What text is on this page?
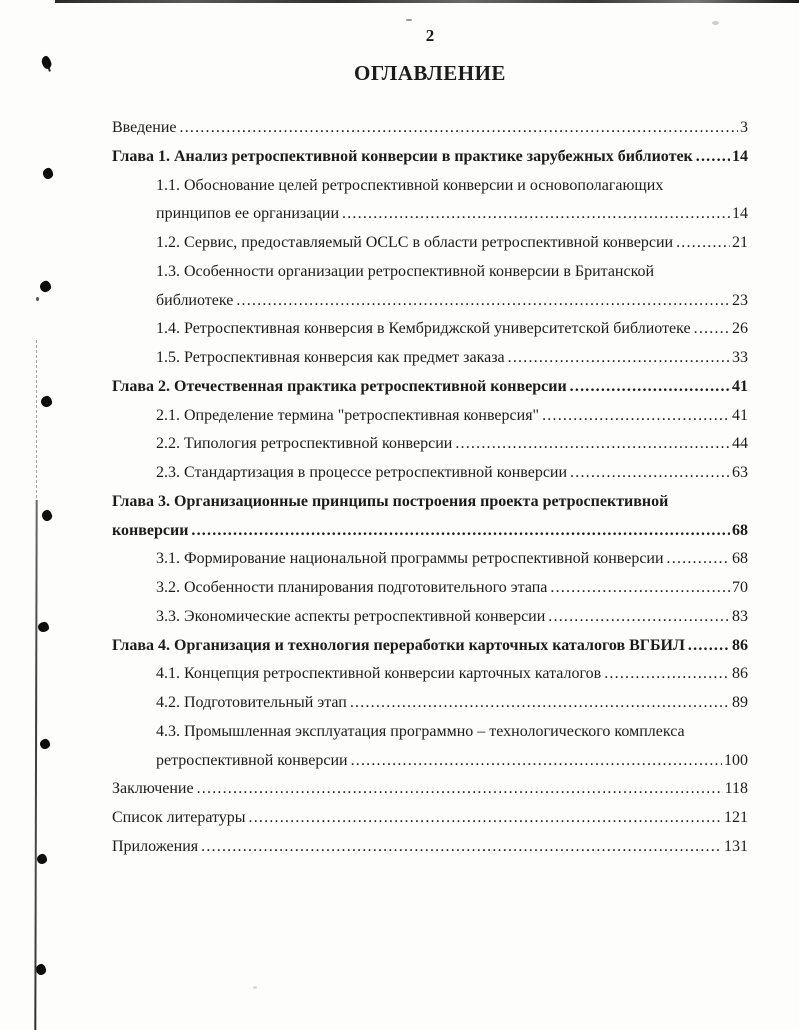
2
ОГЛАВЛЕНИЕ
Введение .....	3
Глава 1. Анализ ретроспективной конверсии в практике зарубежных библиотек ..... 14
1.1. Обоснование целей ретроспективной конверсии и основополагающих
принципов ее организации .....	14
1.2. Сервис, предоставляемый OCLC в области ретроспективной конверсии .....	21
1.3. Особенности организации ретроспективной конверсии в Британской
библиотеке .....	23
1.4. Ретроспективная конверсия в Кембриджской университетской библиотеке .....	26
1.5. Ретроспективная конверсия как предмет заказа .....	33
Глава 2. Отечественная практика ретроспективной конверсии .....	41
2.1. Определение термина "ретроспективная конверсия" .....	41
2.2. Типология ретроспективной конверсии .....	44
2.3. Стандартизация в процессе ретроспективной конверсии .....	63
Глава 3. Организационные принципы построения проекта ретроспективной
конверсии .....	68
3.1. Формирование национальной программы ретроспективной конверсии .....	68
3.2. Особенности планирования подготовительного этапа .....	70
3.3. Экономические аспекты ретроспективной конверсии .....	83
Глава 4. Организация и технология переработки карточных каталогов ВГБИЛ .....	86
4.1. Концепция ретроспективной конверсии карточных каталогов .....	86
4.2. Подготовительный этап .....	89
4.3. Промышленная эксплуатация программно – технологического комплекса
ретроспективной конверсии .....	100
Заключение .....	118
Список литературы .....	121
Приложения .....	131
